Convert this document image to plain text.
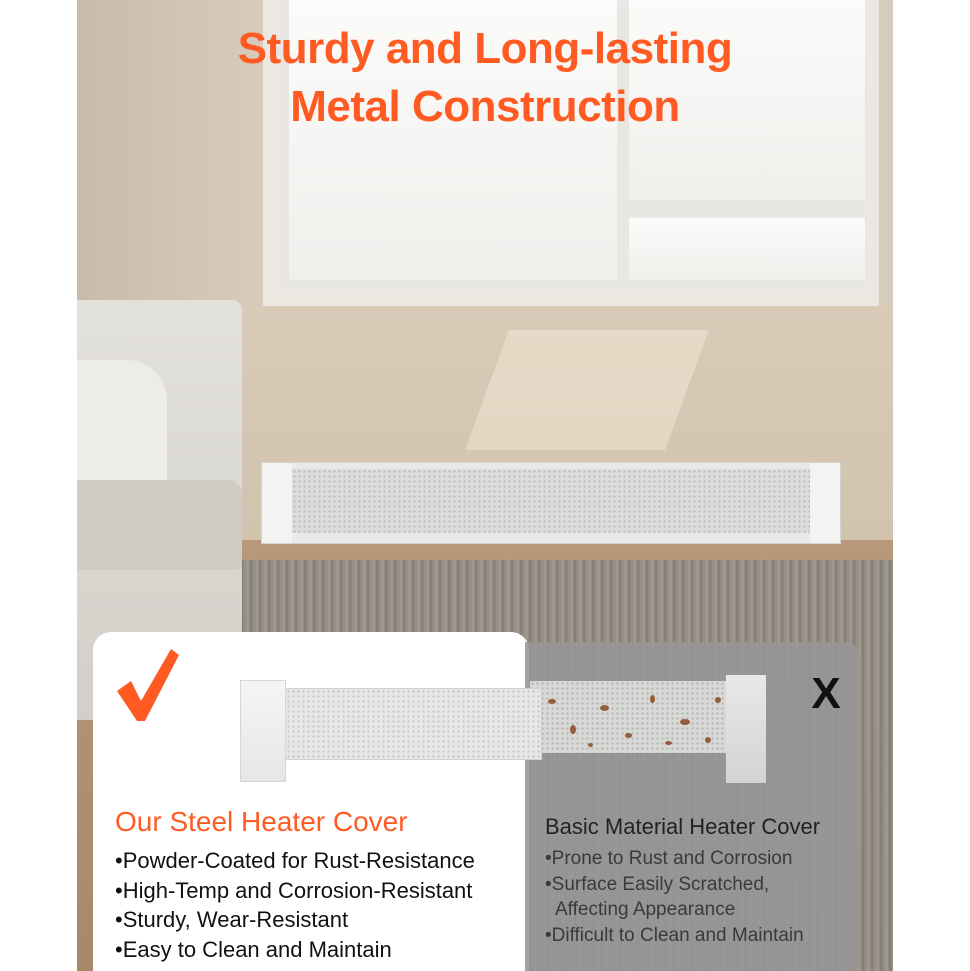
Sturdy and Long-lasting
Metal Construction
X
Our Steel Heater Cover
•Powder-Coated for Rust-Resistance
•High-Temp and Corrosion-Resistant
•Sturdy, Wear-Resistant
•Easy to Clean and Maintain
Basic Material Heater Cover
•Prone to Rust and Corrosion
•Surface Easily Scratched,
Affecting Appearance
•Difficult to Clean and Maintain
